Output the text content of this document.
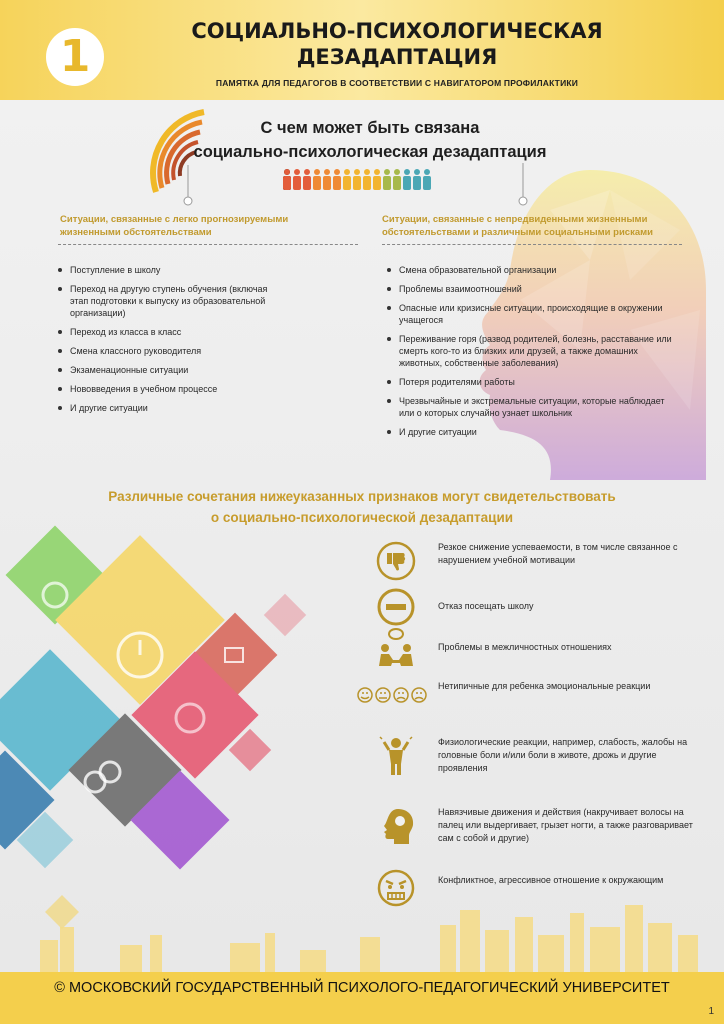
1	СОЦИАЛЬНО-ПСИХОЛОГИЧЕСКАЯ
ДЕЗАДАПТАЦИЯ
ПАМЯТКА ДЛЯ ПЕДАГОГОВ В СООТВЕТСТВИИ С НАВИГАТОРОМ ПРОФИЛАКТИКИ
С чем может быть связана
социально-психологическая дезадаптация
Ситуации, связанные с легко прогнозируемыми жизненными обстоятельствами
Поступление в школу
Переход на другую ступень обучения (включая этап подготовки к выпуску из образовательной организации)
Переход из класса в класс
Смена классного руководителя
Экзаменационные ситуации
Нововведения в учебном процессе
И другие ситуации
Ситуации, связанные с непредвиденными жизненными обстоятельствами и различными социальными рисками
Смена образовательной организации
Проблемы взаимоотношений
Опасные или кризисные ситуации, происходящие в окружении учащегося
Переживание горя (развод родителей, болезнь, расставание или смерть кого-то из близких или друзей, а также домашних животных, собственные заболевания)
Потеря родителями работы
Чрезвычайные и экстремальные ситуации, которые наблюдает или о которых случайно узнает школьник
И другие ситуации
Различные сочетания нижеуказанных признаков могут свидетельствовать
о социально-психологической дезадаптации
Резкое снижение успеваемости, в том числе связанное с нарушением учебной мотивации
Отказ посещать школу
Проблемы в межличностных отношениях
Нетипичные для ребенка эмоциональные реакции
Физиологические реакции, например, слабость, жалобы на головные боли и/или боли в животе, дрожь и другие проявления
Навязчивые движения и действия (накручивает волосы на палец или выдергивает, грызет ногти, а также разговаривает сам с собой и другие)
Конфликтное, агрессивное отношение к окружающим
© МОСКОВСКИЙ ГОСУДАРСТВЕННЫЙ ПСИХОЛОГО-ПЕДАГОГИЧЕСКИЙ УНИВЕРСИТЕТ
1
